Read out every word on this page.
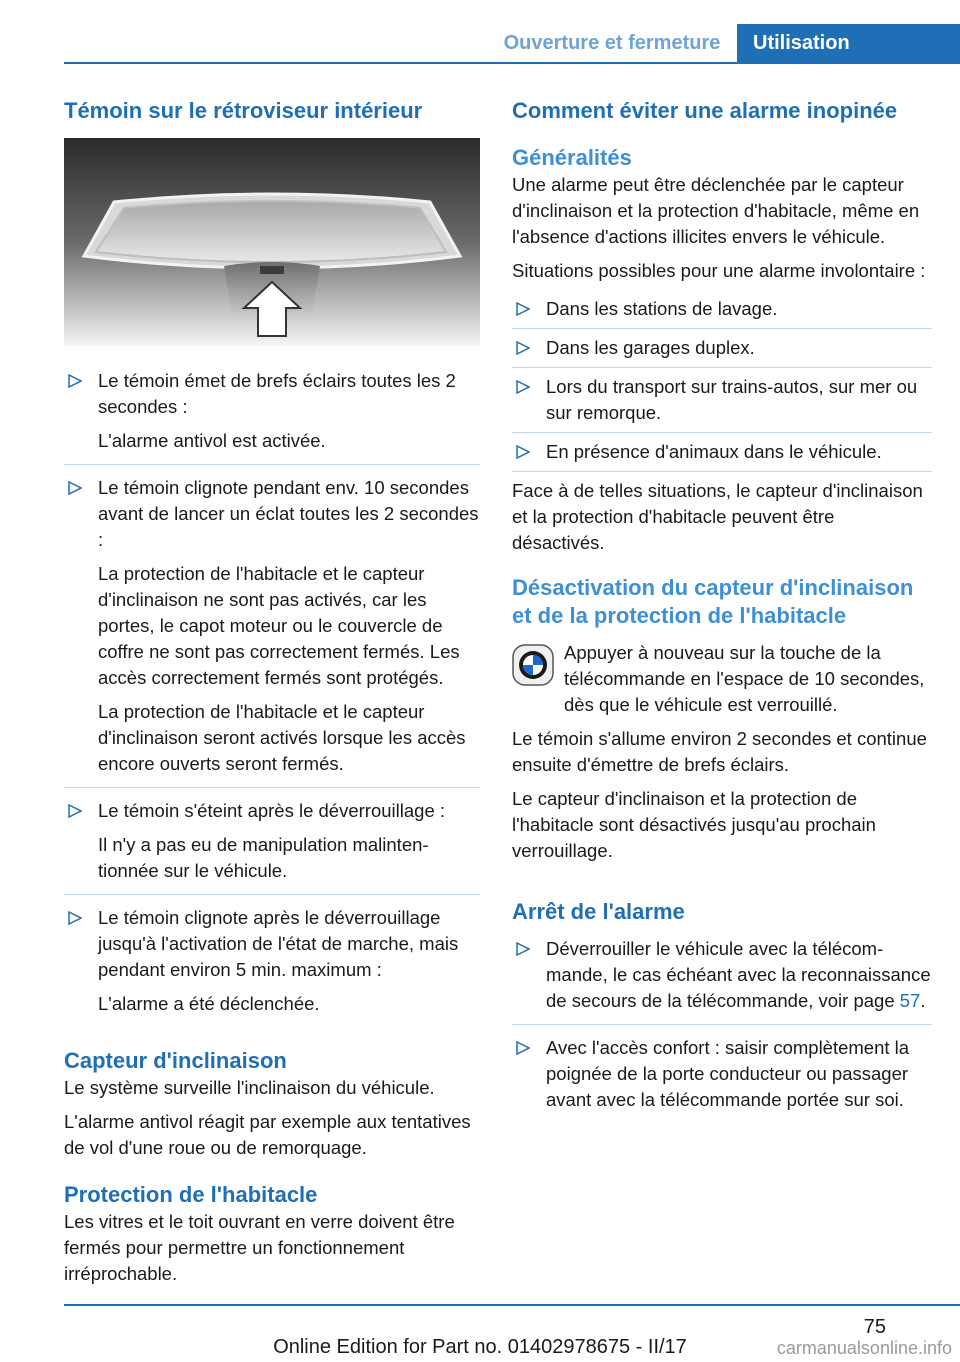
Ouverture et fermeture	Utilisation
Témoin sur le rétroviseur intérieur

Le témoin émet de brefs éclairs toutes les 2 secondes :

L'alarme antivol est activée.

Le témoin clignote pendant env. 10 secondes avant de lancer un éclat toutes les 2 secondes :

La protection de l'habitacle et le capteur d'inclinaison ne sont pas activés, car les portes, le capot moteur ou le couvercle de coffre ne sont pas correctement fermés. Les accès correctement fermés sont protégés.

La protection de l'habitacle et le capteur d'inclinaison seront activés lorsque les accès encore ouverts seront fermés.

Le témoin s'éteint après le déverrouillage :

Il n'y a pas eu de manipulation malintentionnée sur le véhicule.

Le témoin clignote après le déverrouillage jusqu'à l'activation de l'état de marche, mais pendant environ 5 min. maximum :

L'alarme a été déclenchée.

Capteur d'inclinaison

Le système surveille l'inclinaison du véhicule.

L'alarme antivol réagit par exemple aux tentatives de vol d'une roue ou de remorquage.

Protection de l'habitacle

Les vitres et le toit ouvrant en verre doivent être fermés pour permettre un fonctionnement irréprochable.

Comment éviter une alarme inopinée
Généralités

Une alarme peut être déclenchée par le capteur d'inclinaison et la protection d'habitacle, même en l'absence d'actions illicites envers le véhicule.

Situations possibles pour une alarme involontaire :

Dans les stations de lavage.

Dans les garages duplex.

Lors du transport sur trains-autos, sur mer ou sur remorque.

En présence d'animaux dans le véhicule.

Face à de telles situations, le capteur d'inclinaison et la protection d'habitacle peuvent être désactivés.

Désactivation du capteur d'inclinaison et de la protection de l'habitacle

Appuyer à nouveau sur la touche de la télécommande en l'espace de 10 secondes, dès que le véhicule est verrouillé.

Le témoin s'allume environ 2 secondes et continue ensuite d'émettre de brefs éclairs.

Le capteur d'inclinaison et la protection de l'habitacle sont désactivés jusqu'au prochain verrouillage.

Arrêt de l'alarme

Déverrouiller le véhicule avec la télécommande, le cas échéant avec la reconnaissance de secours de la télécommande, voir page 57.

Avec l'accès confort : saisir complètement la poignée de la porte conducteur ou passager avant avec la télécommande portée sur soi.

75
Online Edition for Part no. 01402978675 - II/17	carmanualsonline.info
